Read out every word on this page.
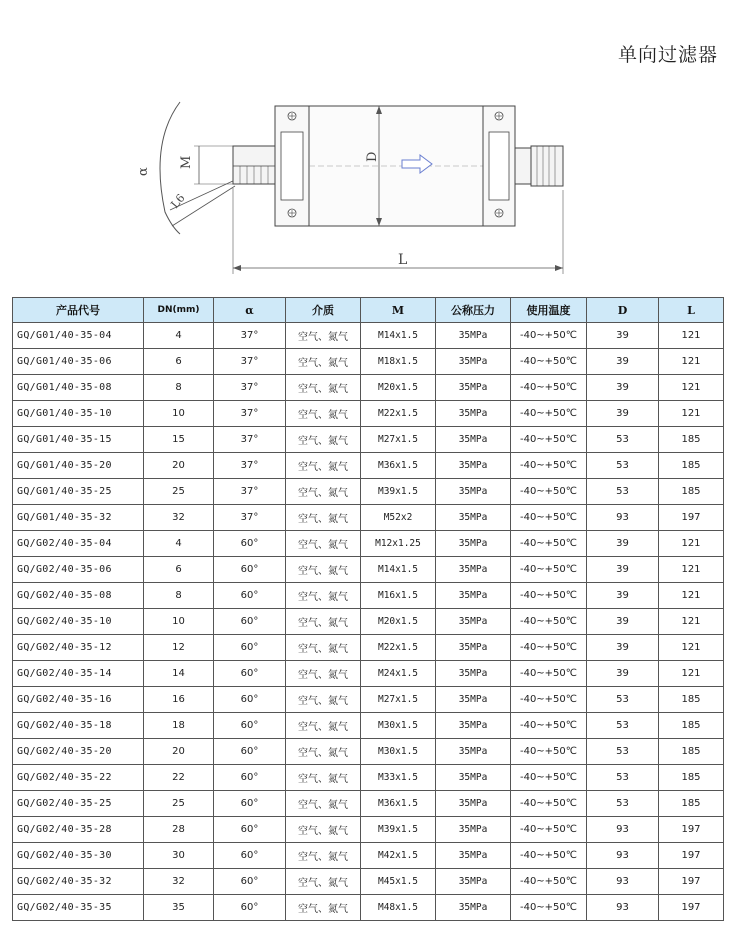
单向过滤器
α
L6
M	D
L
产品代号	DN(mm)	α	介质	M	公称压力	使用温度	D	L
GQ/G01/40-35-04	4	37°	空气、氮气	M14x1.5	35MPa	-40~+50℃	39	121
GQ/G01/40-35-06	6	37°	空气、氮气	M18x1.5	35MPa	-40~+50℃	39	121
GQ/G01/40-35-08	8	37°	空气、氮气	M20x1.5	35MPa	-40~+50℃	39	121
GQ/G01/40-35-10	10	37°	空气、氮气	M22x1.5	35MPa	-40~+50℃	39	121
GQ/G01/40-35-15	15	37°	空气、氮气	M27x1.5	35MPa	-40~+50℃	53	185
GQ/G01/40-35-20	20	37°	空气、氮气	M36x1.5	35MPa	-40~+50℃	53	185
GQ/G01/40-35-25	25	37°	空气、氮气	M39x1.5	35MPa	-40~+50℃	53	185
GQ/G01/40-35-32	32	37°	空气、氮气	M52x2	35MPa	-40~+50℃	93	197
GQ/G02/40-35-04	4	60°	空气、氮气	M12x1.25	35MPa	-40~+50℃	39	121
GQ/G02/40-35-06	6	60°	空气、氮气	M14x1.5	35MPa	-40~+50℃	39	121
GQ/G02/40-35-08	8	60°	空气、氮气	M16x1.5	35MPa	-40~+50℃	39	121
GQ/G02/40-35-10	10	60°	空气、氮气	M20x1.5	35MPa	-40~+50℃	39	121
GQ/G02/40-35-12	12	60°	空气、氮气	M22x1.5	35MPa	-40~+50℃	39	121
GQ/G02/40-35-14	14	60°	空气、氮气	M24x1.5	35MPa	-40~+50℃	39	121
GQ/G02/40-35-16	16	60°	空气、氮气	M27x1.5	35MPa	-40~+50℃	53	185
GQ/G02/40-35-18	18	60°	空气、氮气	M30x1.5	35MPa	-40~+50℃	53	185
GQ/G02/40-35-20	20	60°	空气、氮气	M30x1.5	35MPa	-40~+50℃	53	185
GQ/G02/40-35-22	22	60°	空气、氮气	M33x1.5	35MPa	-40~+50℃	53	185
GQ/G02/40-35-25	25	60°	空气、氮气	M36x1.5	35MPa	-40~+50℃	53	185
GQ/G02/40-35-28	28	60°	空气、氮气	M39x1.5	35MPa	-40~+50℃	93	197
GQ/G02/40-35-30	30	60°	空气、氮气	M42x1.5	35MPa	-40~+50℃	93	197
GQ/G02/40-35-32	32	60°	空气、氮气	M45x1.5	35MPa	-40~+50℃	93	197
GQ/G02/40-35-35	35	60°	空气、氮气	M48x1.5	35MPa	-40~+50℃	93	197
